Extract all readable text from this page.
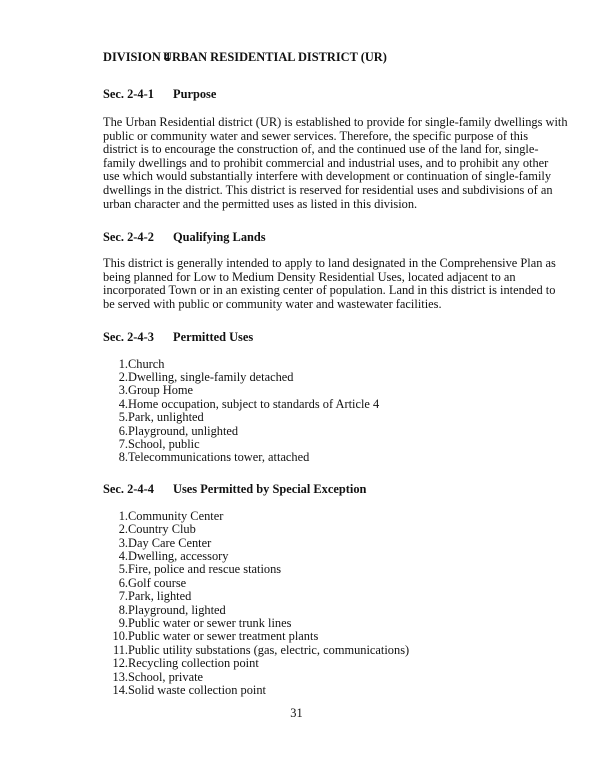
DIVISION 4URBAN RESIDENTIAL DISTRICT (UR)
Sec. 2-4-1 Purpose
The Urban Residential district (UR) is established to provide for single-family dwellings with
public or community water and sewer services. Therefore, the specific purpose of this
district is to encourage the construction of, and the continued use of the land for, single-
family dwellings and to prohibit commercial and industrial uses, and to prohibit any other
use which would substantially interfere with development or continuation of single-family
dwellings in the district. This district is reserved for residential uses and subdivisions of an
urban character and the permitted uses as listed in this division.
Sec. 2-4-2 Qualifying Lands
This district is generally intended to apply to land designated in the Comprehensive Plan as
being planned for Low to Medium Density Residential Uses, located adjacent to an
incorporated Town or in an existing center of population. Land in this district is intended to
be served with public or community water and wastewater facilities.
Sec. 2-4-3 Permitted Uses
1. Church
2. Dwelling, single-family detached
3. Group Home
4. Home occupation, subject to standards of Article 4
5. Park, unlighted
6. Playground, unlighted
7. School, public
8. Telecommunications tower, attached
Sec. 2-4-4 Uses Permitted by Special Exception
1. Community Center
2. Country Club
3. Day Care Center
4. Dwelling, accessory
5. Fire, police and rescue stations
6. Golf course
7. Park, lighted
8. Playground, lighted
9. Public water or sewer trunk lines
10. Public water or sewer treatment plants
11. Public utility substations (gas, electric, communications)
12. Recycling collection point
13. School, private
14. Solid waste collection point
31
